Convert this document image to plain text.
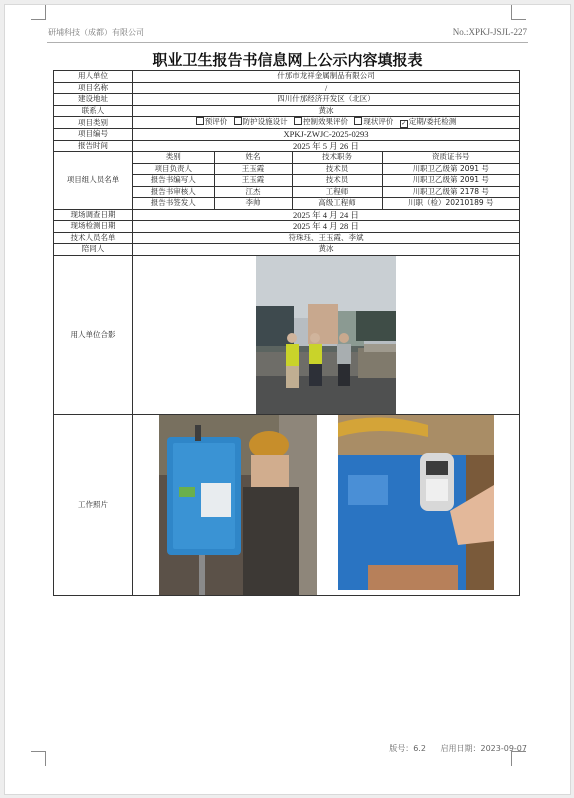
研埔科技（成都）有限公司	No.:XPKJ-JSJL-227
职业卫生报告书信息网上公示内容填报表
用人单位	什邡市龙祥金属制品有限公司
项目名称	/
建设地址	四川什邡经济开发区（北区）
联系人	黄冰
项目类别	预评价 防护设施设计 控制效果评价 现状评价 ✓ 定期/委托检测
项目编号	XPKJ-ZWJC-2025-0293
报告时间	2025 年 5 月 26 日
项目组人员名单	
类别	姓名	技术职务	资质证书号
项目负责人	王玉霞	技术员	川职卫乙级第 2091 号
报告书编写人	王玉霞	技术员	川职卫乙级第 2091 号
报告书审核人	江杰	工程师	川职卫乙级第 2178 号
报告书签发人	李帅	高级工程师	川职（检）20210189 号

现场调查日期	2025 年 4 月 24 日
现场检测日期	2025 年 4 月 28 日
技术人员名单	符珠珏、王玉霞、李斌
陪同人	黄冰
用人单位合影	

工作照片	
版号：6.2 启用日期：2023-09-07
